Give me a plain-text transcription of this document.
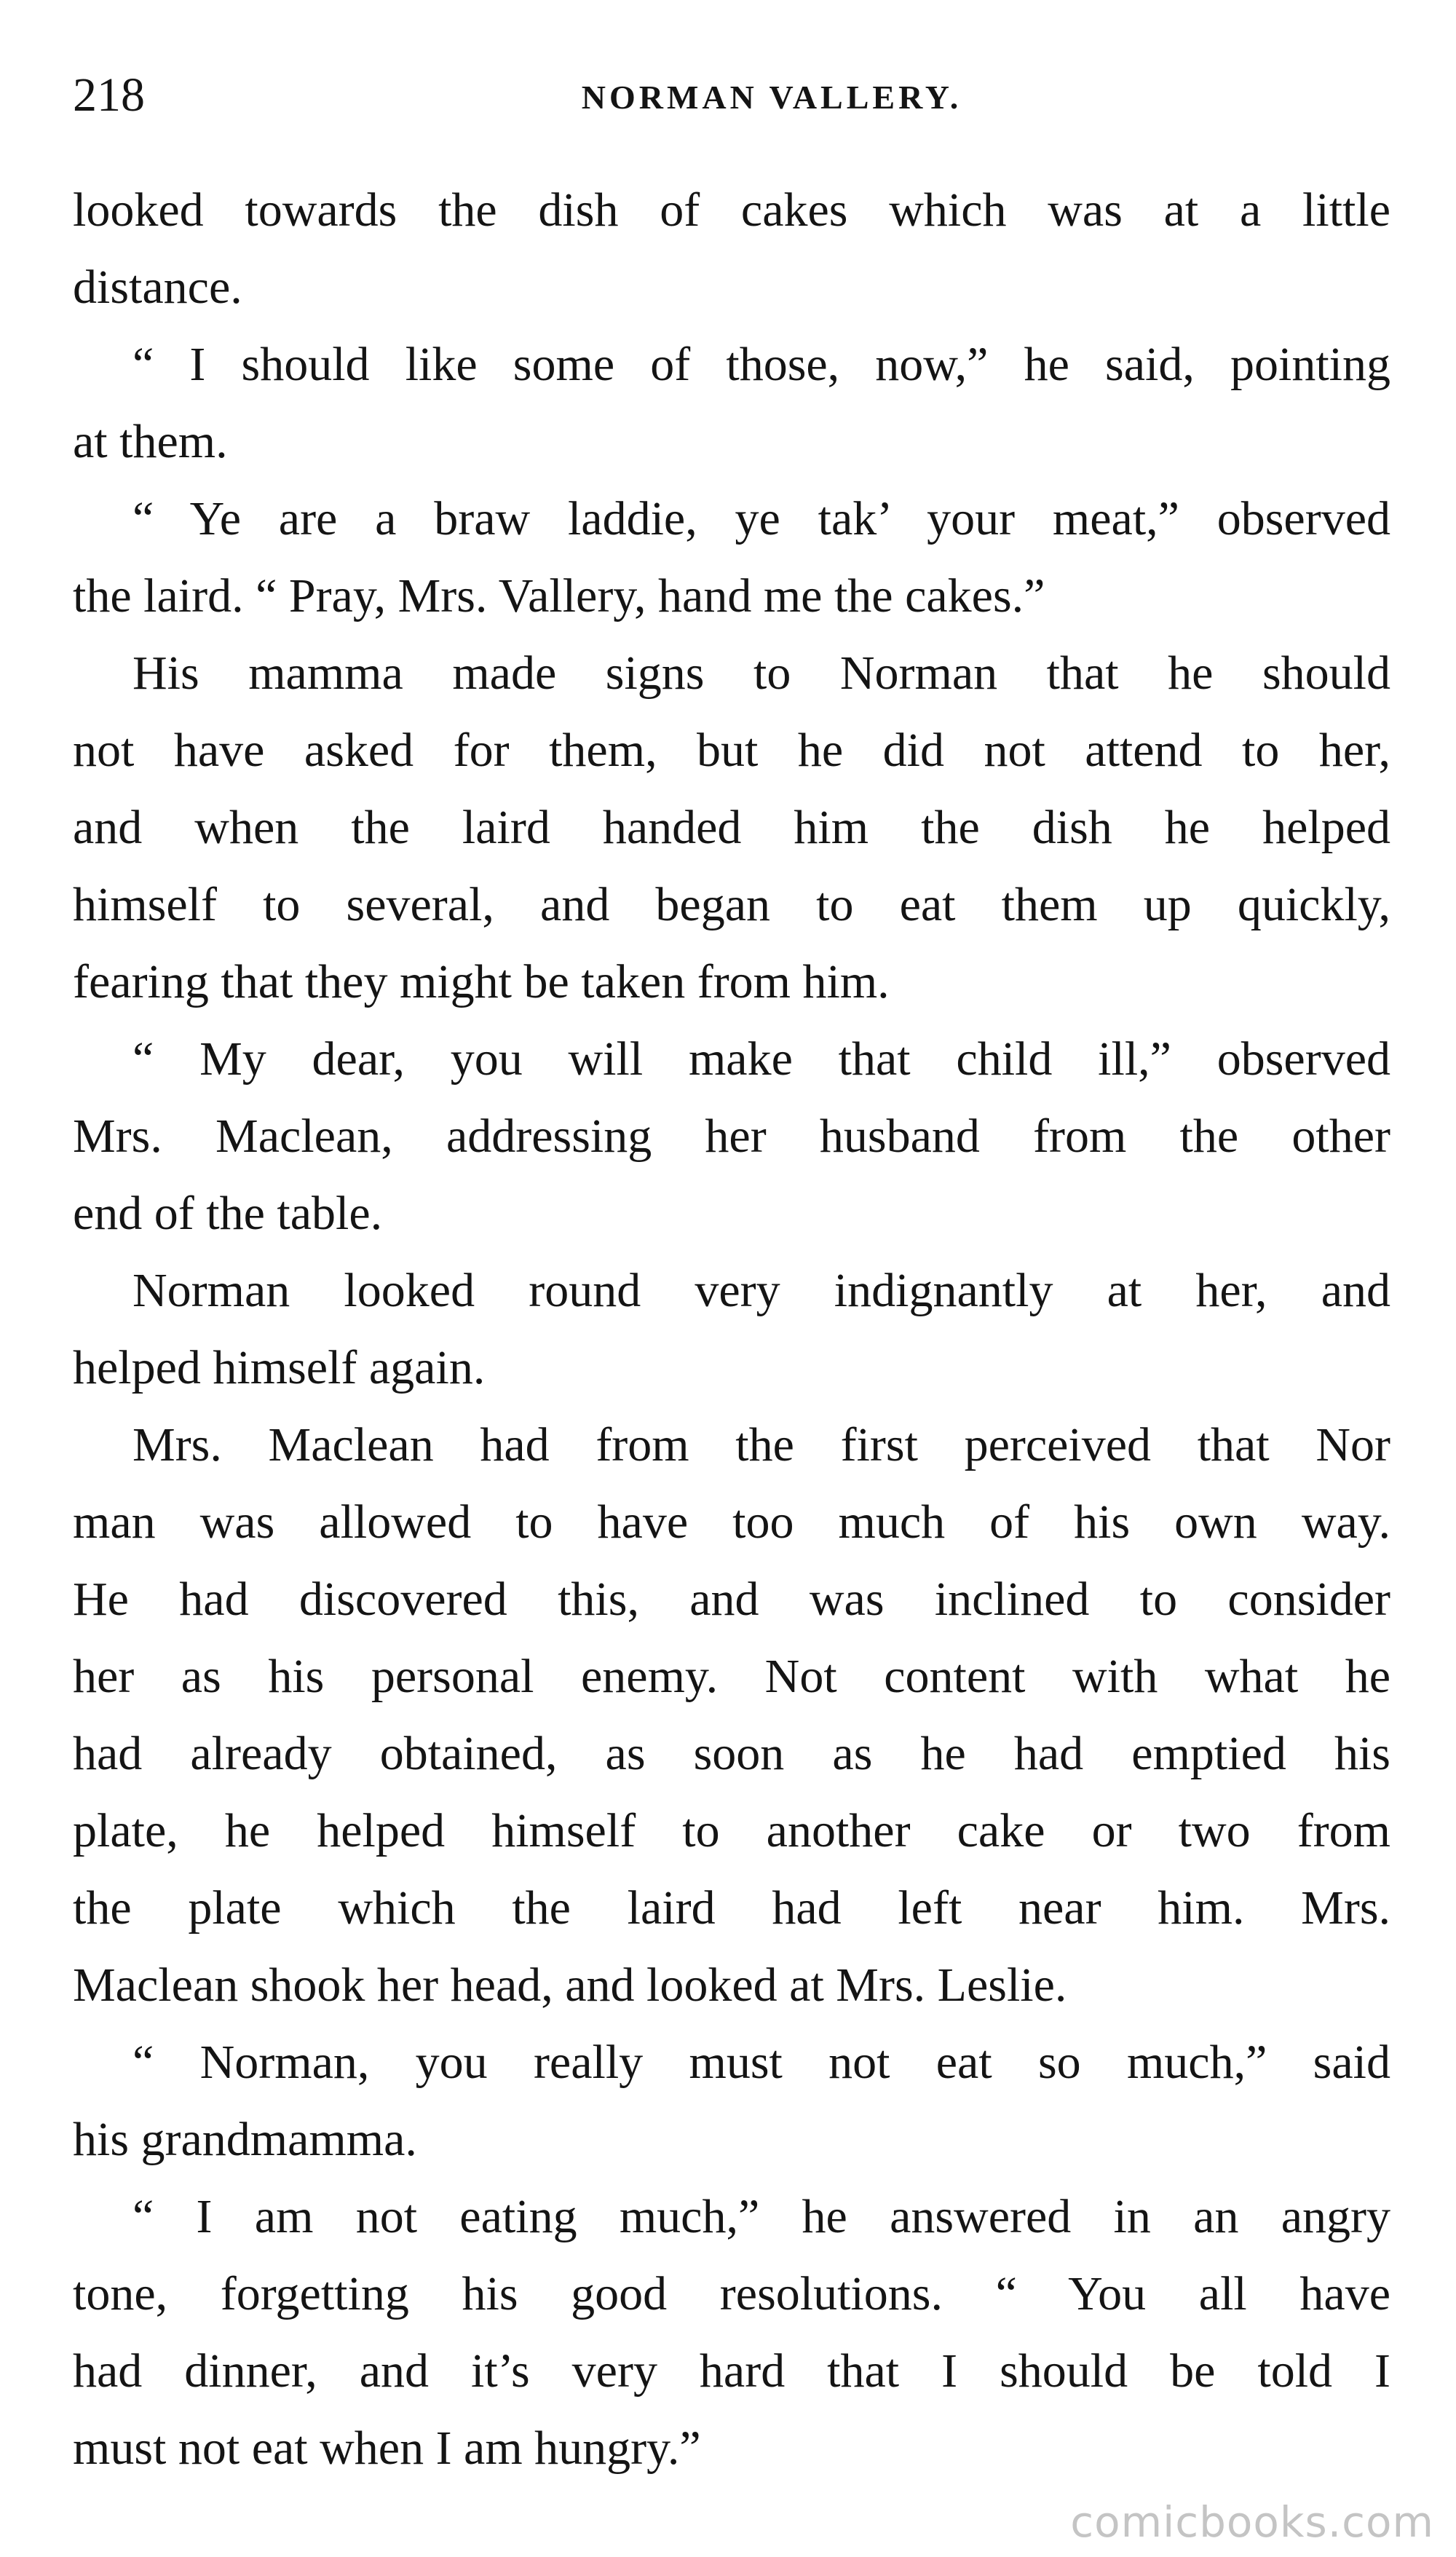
218	NORMAN VALLERY.
looked towards the dish of cakes which was at a little
distance.
“ I should like some of those, now,” he said, pointing
at them.
“ Ye are a braw laddie, ye tak’ your meat,” observed
the laird. “ Pray, Mrs. Vallery, hand me the cakes.”
His mamma made signs to Norman that he should
not have asked for them, but he did not attend to her,
and when the laird handed him the dish he helped
himself to several, and began to eat them up quickly,
fearing that they might be taken from him.
“ My dear, you will make that child ill,” observed
Mrs. Maclean, addressing her husband from the other
end of the table.
Norman looked round very indignantly at her, and
helped himself again.
Mrs. Maclean had from the first perceived that Nor
man was allowed to have too much of his own way.
He had discovered this, and was inclined to consider
her as his personal enemy. Not content with what he
had already obtained, as soon as he had emptied his
plate, he helped himself to another cake or two from
the plate which the laird had left near him. Mrs.
Maclean shook her head, and looked at Mrs. Leslie.
“ Norman, you really must not eat so much,” said
his grandmamma.
“ I am not eating much,” he answered in an angry
tone, forgetting his good resolutions. “ You all have
had dinner, and it’s very hard that I should be told I
must not eat when I am hungry.”
comicbooks.com
